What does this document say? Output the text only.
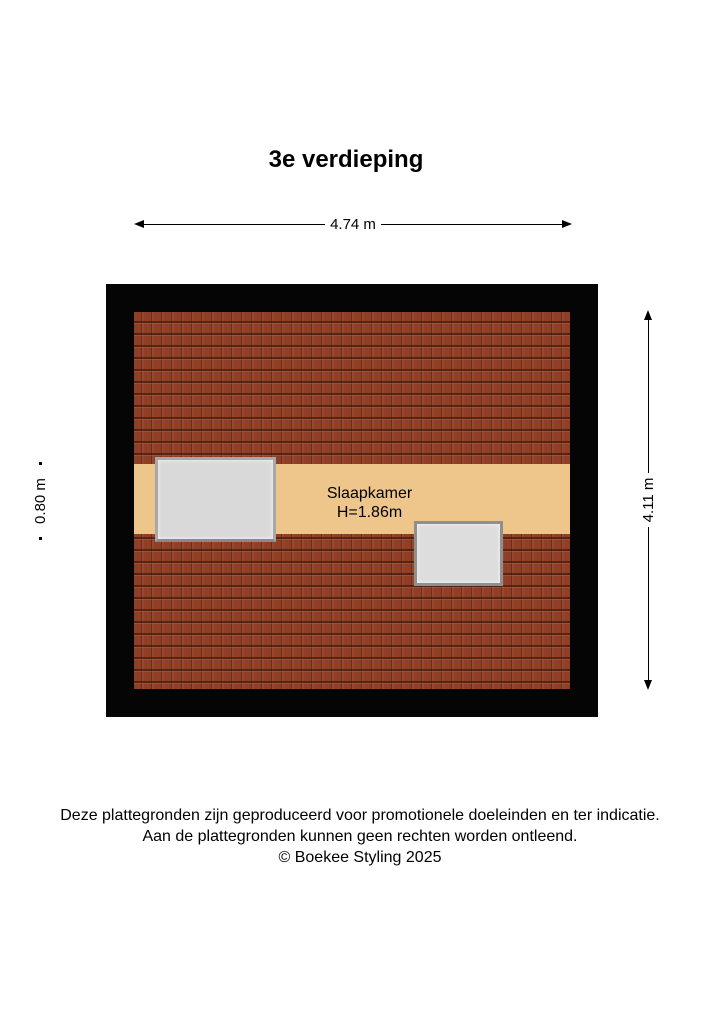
3e verdieping
4.74 m
4.11 m
0.80 m	Slaapkamer
H=1.86m
Deze plattegronden zijn geproduceerd voor promotionele doeleinden en ter indicatie.
Aan de plattegronden kunnen geen rechten worden ontleend.
© Boekee Styling 2025
